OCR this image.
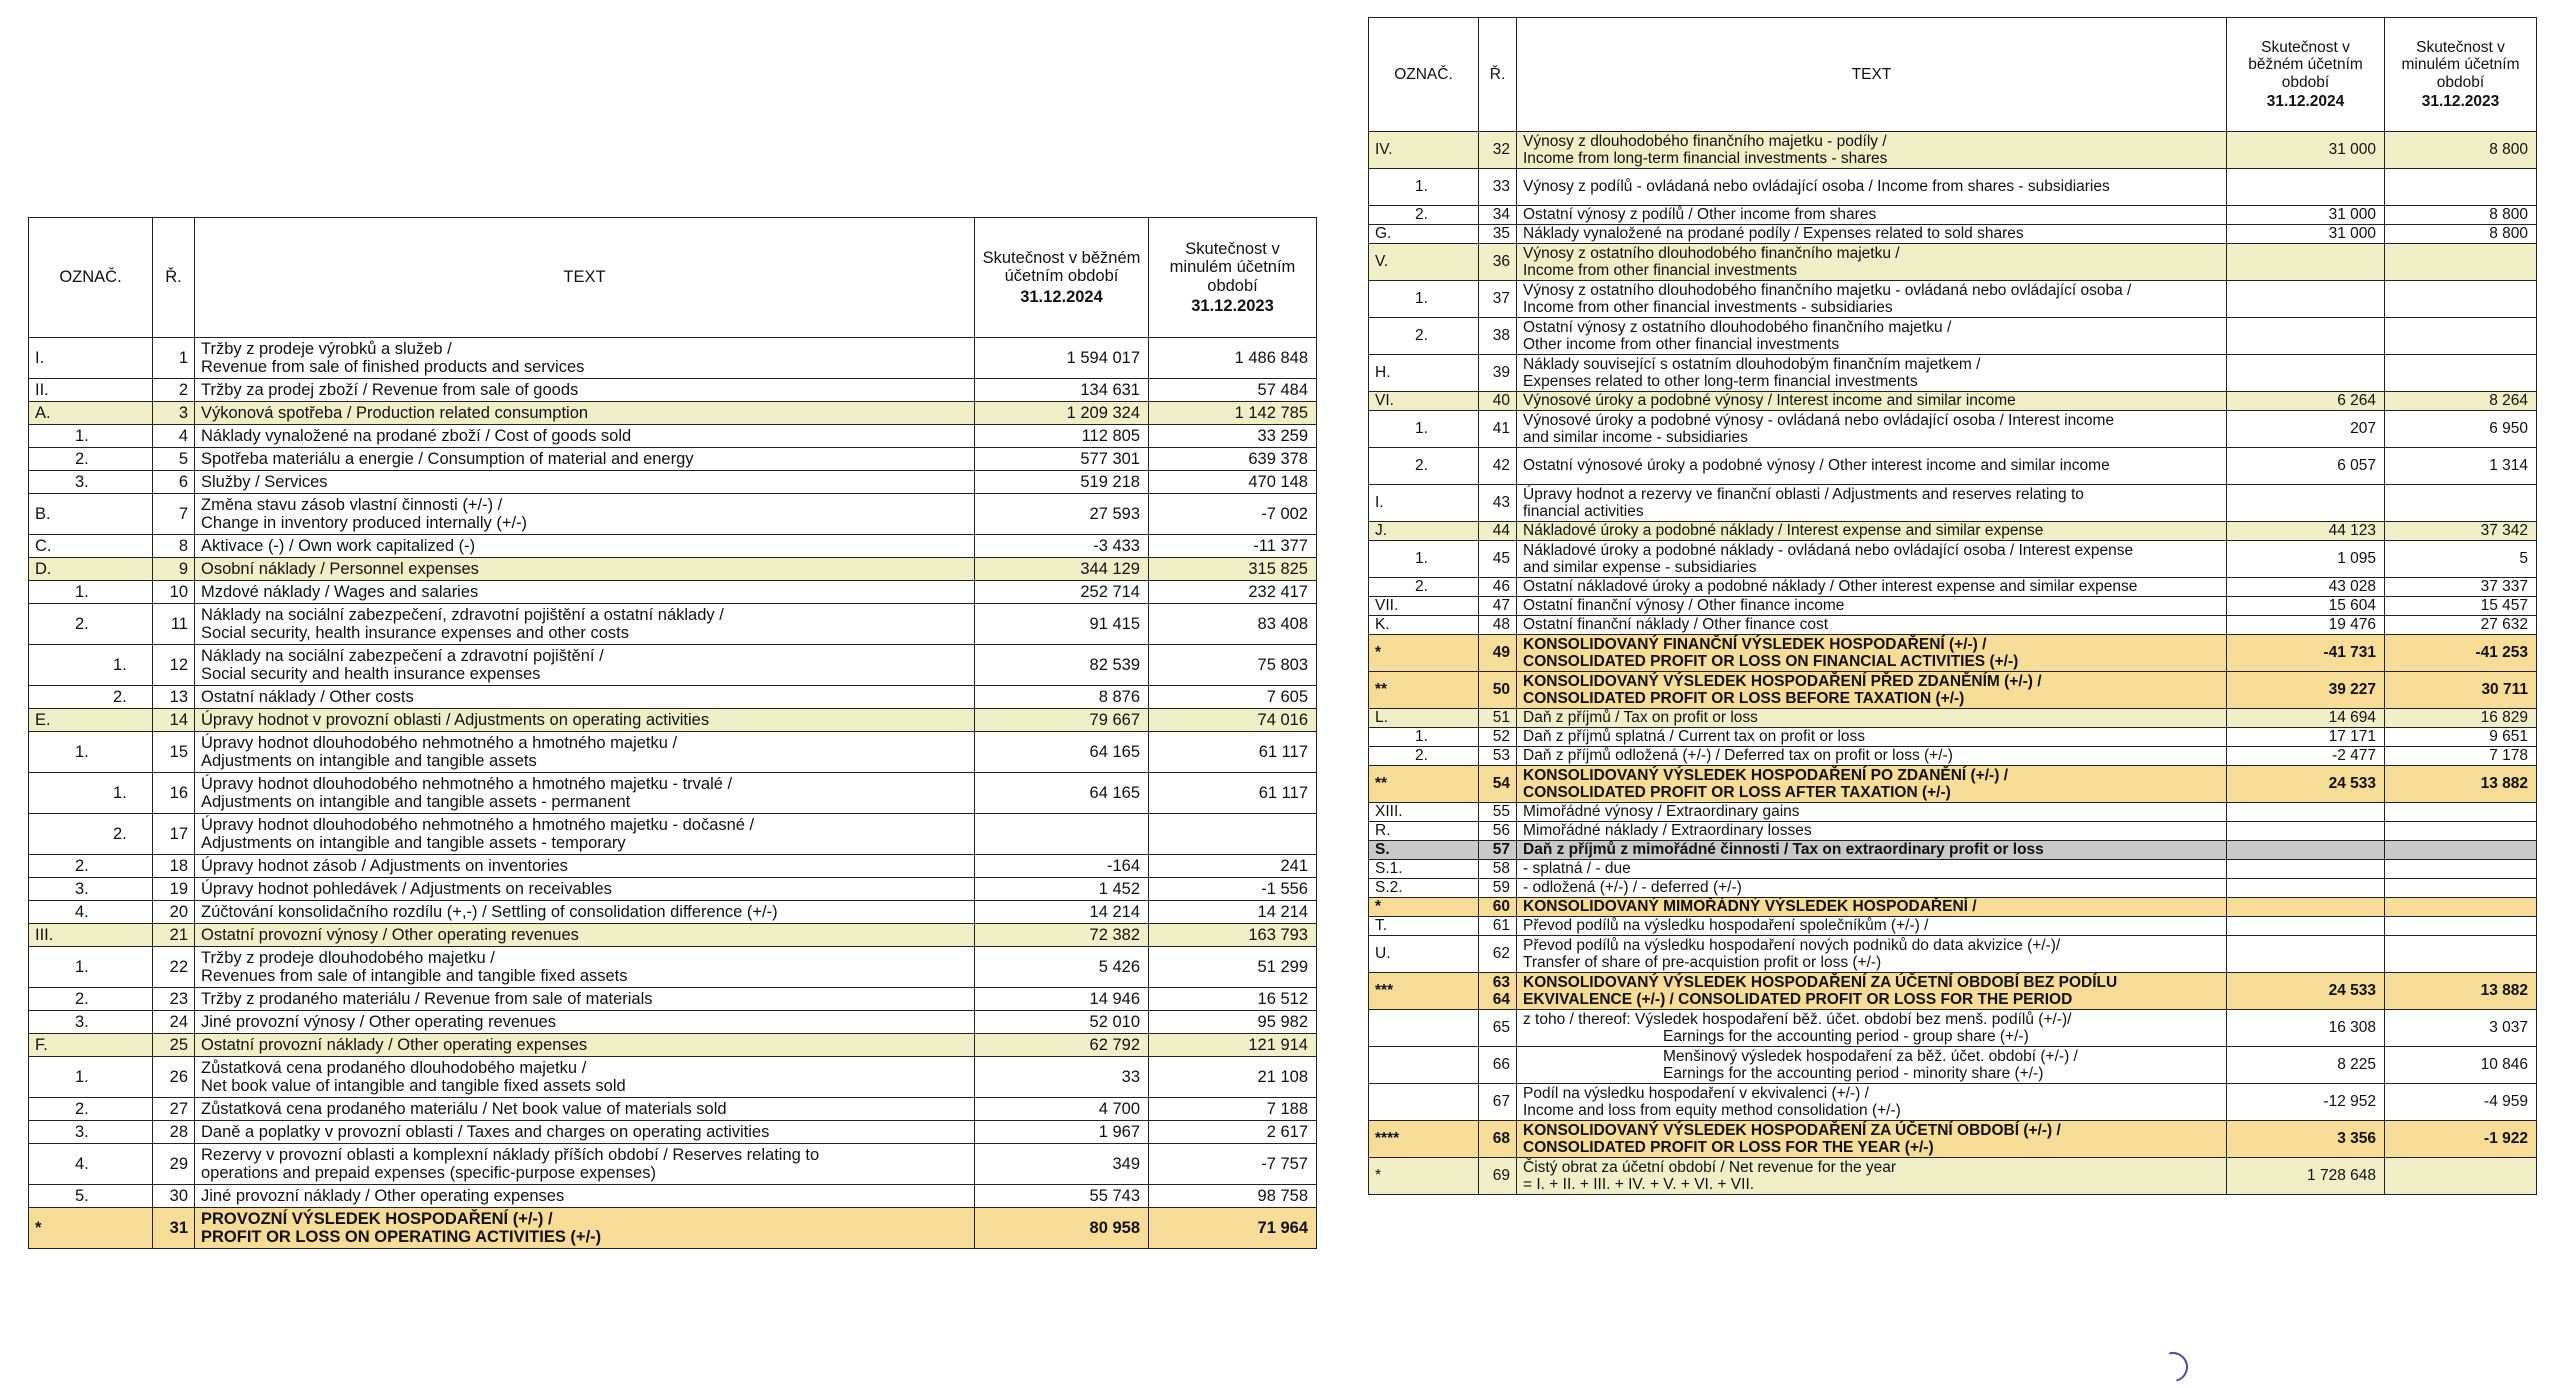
OZNAČ.	Ř.	TEXT	Skutečnost v běžném účetním období
31.12.2024	Skutečnost v minulém účetním období
31.12.2023

I.	1	Tržby z prodeje výrobků a služeb /
Revenue from sale of finished products and services	1 594 017	1 486 848
II.	2	Tržby za prodej zboží / Revenue from sale of goods	134 631	57 484
A.	3	Výkonová spotřeba / Production related consumption	1 209 324	1 142 785
1.	4	Náklady vynaložené na prodané zboží / Cost of goods sold	112 805	33 259
2.	5	Spotřeba materiálu a energie / Consumption of material and energy	577 301	639 378
3.	6	Služby / Services	519 218	470 148
B.	7	Změna stavu zásob vlastní činnosti (+/-) /
Change in inventory produced internally (+/-)	27 593	-7 002
C.	8	Aktivace (-) / Own work capitalized (-)	-3 433	-11 377
D.	9	Osobní náklady / Personnel expenses	344 129	315 825
1.	10	Mzdové náklady / Wages and salaries	252 714	232 417
2.	11	Náklady na sociální zabezpečení, zdravotní pojištění a ostatní náklady /
Social security, health insurance expenses and other costs	91 415	83 408
1.	12	Náklady na sociální zabezpečení a zdravotní pojištění /
Social security and health insurance expenses	82 539	75 803
2.	13	Ostatní náklady / Other costs	8 876	7 605
E.	14	Úpravy hodnot v provozní oblasti / Adjustments on operating activities	79 667	74 016
1.	15	Úpravy hodnot dlouhodobého nehmotného a hmotného majetku /
Adjustments on intangible and tangible assets	64 165	61 117
1.	16	Úpravy hodnot dlouhodobého nehmotného a hmotného majetku - trvalé /
Adjustments on intangible and tangible assets - permanent	64 165	61 117
2.	17	Úpravy hodnot dlouhodobého nehmotného a hmotného majetku - dočasné /
Adjustments on intangible and tangible assets - temporary		

2.	18	Úpravy hodnot zásob / Adjustments on inventories	-164	241
3.	19	Úpravy hodnot pohledávek / Adjustments on receivables	1 452	-1 556
4.	20	Zúčtování konsolidačního rozdílu (+,-) / Settling of consolidation difference (+/-)	14 214	14 214
III.	21	Ostatní provozní výnosy / Other operating revenues	72 382	163 793
1.	22	Tržby z prodeje dlouhodobého majetku /
Revenues from sale of intangible and tangible fixed assets	5 426	51 299
2.	23	Tržby z prodaného materiálu / Revenue from sale of materials	14 946	16 512
3.	24	Jiné provozní výnosy / Other operating revenues	52 010	95 982
F.	25	Ostatní provozní náklady / Other operating expenses	62 792	121 914
1.	26	Zůstatková cena prodaného dlouhodobého majetku /
Net book value of intangible and tangible fixed assets sold	33	21 108
2.	27	Zůstatková cena prodaného materiálu / Net book value of materials sold	4 700	7 188
3.	28	Daně a poplatky v provozní oblasti / Taxes and charges on operating activities	1 967	2 617
4.	29	Rezervy v provozní oblasti a komplexní náklady příších období / Reserves relating to
operations and prepaid expenses (specific-purpose expenses)	349	-7 757
5.	30	Jiné provozní náklady / Other operating expenses	55 743	98 758
*	31	PROVOZNÍ VÝSLEDEK HOSPODAŘENÍ (+/-) /
PROFIT OR LOSS ON OPERATING ACTIVITIES (+/-)	80 958	71 964
OZNAČ.	Ř.	TEXT	Skutečnost v běžném účetním období
31.12.2024	Skutečnost v minulém účetním období
31.12.2023

IV.	32	Výnosy z dlouhodobého finančního majetku - podíly /
Income from long-term financial investments - shares	31 000	8 800
1.	33	Výnosy z podílů - ovládaná nebo ovládající osoba / Income from shares - subsidiaries		
2.	34	Ostatní výnosy z podílů / Other income from shares	31 000	8 800
G.	35	Náklady vynaložené na prodané podíly / Expenses related to sold shares	31 000	8 800
V.	36	Výnosy z ostatního dlouhodobého finančního majetku /
Income from other financial investments		

1.	37	Výnosy z ostatního dlouhodobého finančního majetku - ovládaná nebo ovládající osoba /
Income from other financial investments - subsidiaries		

2.	38	Ostatní výnosy z ostatního dlouhodobého finančního majetku /
Other income from other financial investments		

H.	39	Náklady související s ostatním dlouhodobým finančním majetkem /
Expenses related to other long-term financial investments		

VI.	40	Výnosové úroky a podobné výnosy / Interest income and similar income	6 264	8 264
1.	41	Výnosové úroky a podobné výnosy - ovládaná nebo ovládající osoba / Interest income
and similar income - subsidiaries	207	6 950
2.	42	Ostatní výnosové úroky a podobné výnosy / Other interest income and similar income	6 057	1 314
I.	43	Úpravy hodnot a rezervy ve finanční oblasti / Adjustments and reserves relating to
financial activities		

J.	44	Nákladové úroky a podobné náklady / Interest expense and similar expense	44 123	37 342
1.	45	Nákladové úroky a podobné náklady - ovládaná nebo ovládající osoba / Interest expense
and similar expense - subsidiaries	1 095	5
2.	46	Ostatní nákladové úroky a podobné náklady / Other interest expense and similar expense	43 028	37 337
VII.	47	Ostatní finanční výnosy / Other finance income	15 604	15 457
K.	48	Ostatní finanční náklady / Other finance cost	19 476	27 632
*	49	KONSOLIDOVANÝ FINANČNÍ VÝSLEDEK HOSPODAŘENÍ (+/-) /
CONSOLIDATED PROFIT OR LOSS ON FINANCIAL ACTIVITIES (+/-)	-41 731	-41 253
**	50	KONSOLIDOVANÝ VÝSLEDEK HOSPODAŘENÍ PŘED ZDANĚNÍM (+/-) /
CONSOLIDATED PROFIT OR LOSS BEFORE TAXATION (+/-)	39 227	30 711
L.	51	Daň z příjmů / Tax on profit or loss	14 694	16 829
1.	52	Daň z příjmů splatná / Current tax on profit or loss	17 171	9 651
2.	53	Daň z příjmů odložená (+/-) / Deferred tax on profit or loss (+/-)	-2 477	7 178
**	54	KONSOLIDOVANÝ VÝSLEDEK HOSPODAŘENÍ PO ZDANĚNÍ (+/-) /
CONSOLIDATED PROFIT OR LOSS AFTER TAXATION (+/-)	24 533	13 882
XIII.	55	Mimořádné výnosy / Extraordinary gains		
R.	56	Mimořádné náklady / Extraordinary losses		
S.	57	Daň z příjmů z mimořádné činnosti / Tax on extraordinary profit or loss		
S.1.	58	- splatná / - due		
S.2.	59	- odložená (+/-) / - deferred (+/-)		
*	60	KONSOLIDOVANÝ MIMOŘÁDNÝ VÝSLEDEK HOSPODAŘENÍ /		
T.	61	Převod podílů na výsledku hospodaření společníkům (+/-) /		
U.	62	Převod podílů na výsledku hospodaření nových podniků do data akvizice (+/-)/
Transfer of share of pre-acquistion profit or loss (+/-)		

***	63 64	KONSOLIDOVANÝ VÝSLEDEK HOSPODAŘENÍ ZA ÚČETNÍ OBDOBÍ BEZ PODÍLU
EKVIVALENCE (+/-) / CONSOLIDATED PROFIT OR LOSS FOR THE PERIOD	24 533	13 882
	65	z toho / thereof: Výsledek hospodaření běž. účet. období bez menš. podílů (+/-)/
Earnings for the accounting period - group share (+/-)	16 308	3 037
	66	Menšinový výsledek hospodaření za běž. účet. období (+/-) /
Earnings for the accounting period - minority share (+/-)	8 225	10 846
	67	Podíl na výsledku hospodaření v ekvivalenci (+/-) /
Income and loss from equity method consolidation (+/-)	-12 952	-4 959
****	68	KONSOLIDOVANÝ VÝSLEDEK HOSPODAŘENÍ ZA ÚČETNÍ OBDOBÍ (+/-) /
CONSOLIDATED PROFIT OR LOSS FOR THE YEAR (+/-)	3 356	-1 922
*	69	Čistý obrat za účetní období / Net revenue for the year
= I. + II. + III. + IV. + V. + VI. + VII.	1 728 648	
